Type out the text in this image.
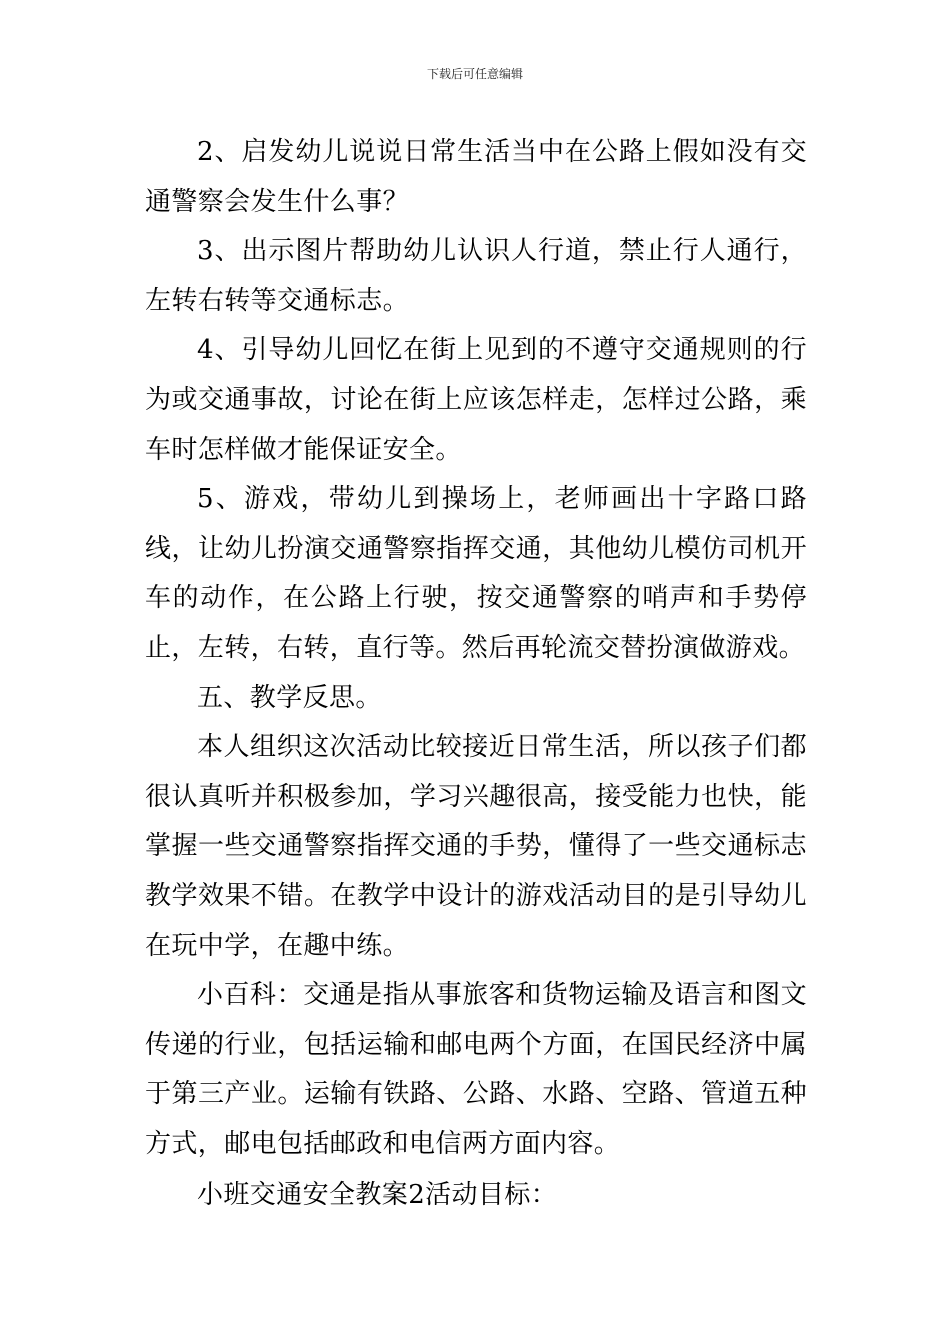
下载后可任意编辑

2、启发幼儿说说日常生活当中在公路上假如没有交通警察会发生什么事？

3、出示图片帮助幼儿认识人行道，禁止行人通行，左转右转等交通标志。

4、引导幼儿回忆在街上见到的不遵守交通规则的行为或交通事故，讨论在街上应该怎样走，怎样过公路，乘车时怎样做才能保证安全。

5、游戏，带幼儿到操场上，老师画出十字路口路线，让幼儿扮演交通警察指挥交通，其他幼儿模仿司机开车的动作，在公路上行驶，按交通警察的哨声和手势停止，左转，右转，直行等。然后再轮流交替扮演做游戏。

五、教学反思。

本人组织这次活动比较接近日常生活，所以孩子们都很认真听并积极参加，学习兴趣很高，接受能力也快，能掌握一些交通警察指挥交通的手势，懂得了一些交通标志教学效果不错。在教学中设计的游戏活动目的是引导幼儿在玩中学，在趣中练。

小百科：交通是指从事旅客和货物运输及语言和图文传递的行业，包括运输和邮电两个方面，在国民经济中属于第三产业。运输有铁路、公路、水路、空路、管道五种方式，邮电包括邮政和电信两方面内容。

小班交通安全教案2活动目标：
